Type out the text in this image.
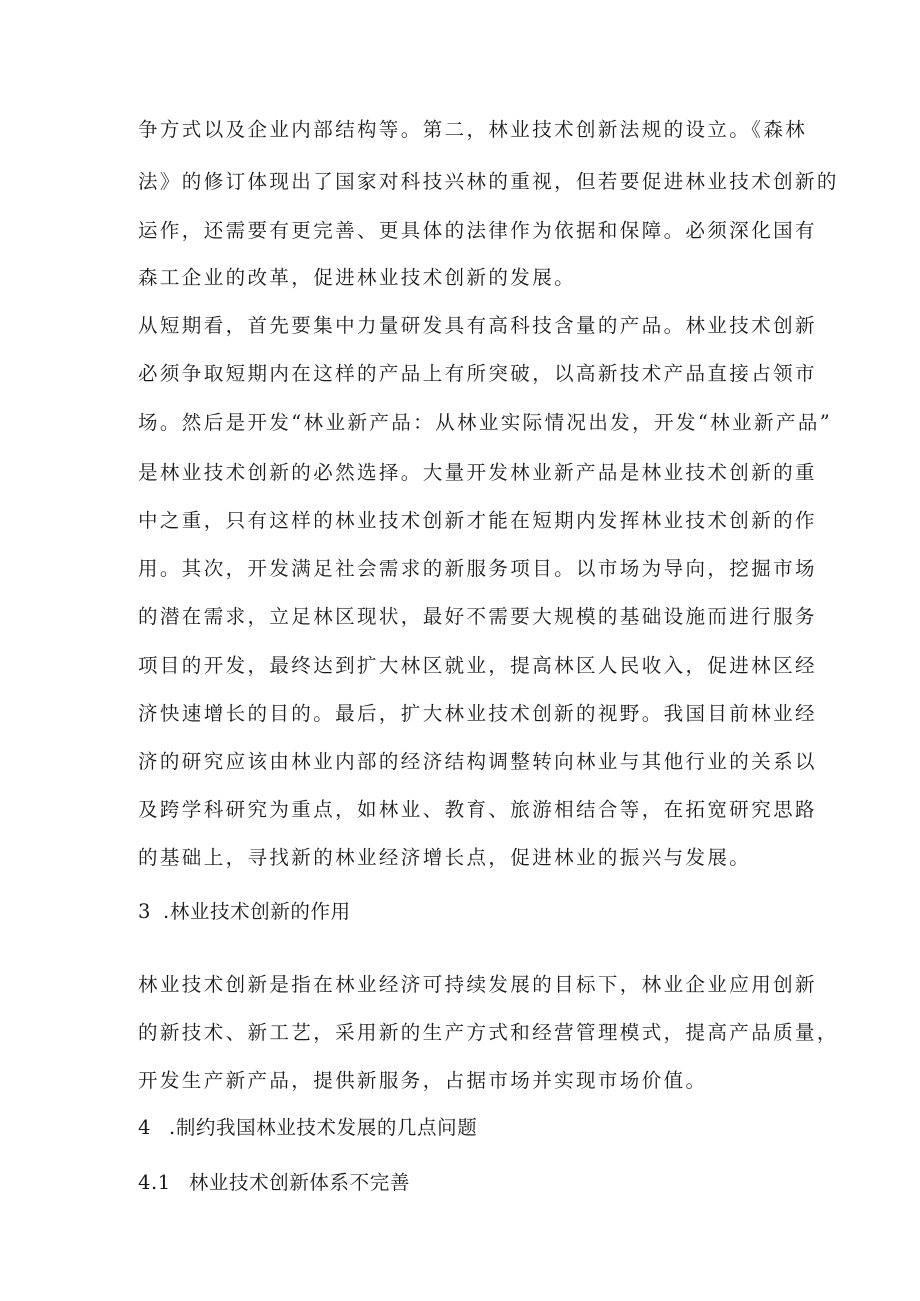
争方式以及企业内部结构等。第二，林业技术创新法规的设立。《森林
法》的修订体现出了国家对科技兴林的重视，但若要促进林业技术创新的
运作，还需要有更完善、更具体的法律作为依据和保障。必须深化国有
森工企业的改革，促进林业技术创新的发展。
从短期看，首先要集中力量研发具有高科技含量的产品。林业技术创新
必须争取短期内在这样的产品上有所突破，以高新技术产品直接占领市
场。然后是开发“林业新产品：从林业实际情况出发，开发“林业新产品”
是林业技术创新的必然选择。大量开发林业新产品是林业技术创新的重
中之重，只有这样的林业技术创新才能在短期内发挥林业技术创新的作
用。其次，开发满足社会需求的新服务项目。以市场为导向，挖掘市场
的潜在需求，立足林区现状，最好不需要大规模的基础设施而进行服务
项目的开发，最终达到扩大林区就业，提高林区人民收入，促进林区经
济快速增长的目的。最后，扩大林业技术创新的视野。我国目前林业经
济的研究应该由林业内部的经济结构调整转向林业与其他行业的关系以
及跨学科研究为重点，如林业、教育、旅游相结合等，在拓宽研究思路
的基础上，寻找新的林业经济增长点，促进林业的振兴与发展。
3 .林业技术创新的作用
林业技术创新是指在林业经济可持续发展的目标下，林业企业应用创新
的新技术、新工艺，采用新的生产方式和经营管理模式，提高产品质量，
开发生产新产品，提供新服务，占据市场并实现市场价值。
4 .制约我国林业技术发展的几点问题
4.1 林业技术创新体系不完善
